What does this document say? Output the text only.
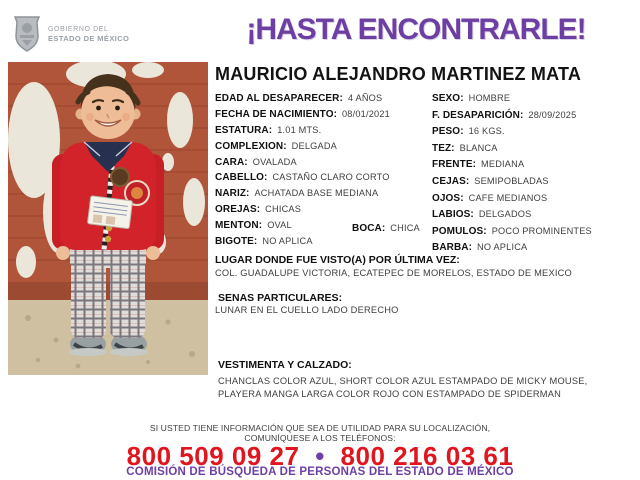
GOBIERNO DEL
ESTADO DE MÉXICO	¡HASTA ENCONTRARLE!
MAURICIO ALEJANDRO MARTINEZ MATA
EDAD AL DESAPARECER: 4 AÑOS
FECHA DE NACIMIENTO: 08/01/2021
ESTATURA: 1.01 MTS.
COMPLEXION: DELGADA
CARA: OVALADA
CABELLO: CASTAÑO CLARO CORTO
NARIZ: ACHATADA BASE MEDIANA
OREJAS: CHICAS
MENTON: OVAL
BIGOTE: NO APLICA
BOCA: CHICA
SEXO: HOMBRE
F. DESAPARICIÓN: 28/09/2025
PESO: 16 KGS.
TEZ: BLANCA
FRENTE: MEDIANA
CEJAS: SEMIPOBLADAS
OJOS: CAFE MEDIANOS
LABIOS: DELGADOS
POMULOS: POCO PROMINENTES
BARBA: NO APLICA
LUGAR DONDE FUE VISTO(A) POR ÚLTIMA VEZ:
COL. GUADALUPE VICTORIA, ECATEPEC DE MORELOS, ESTADO DE MEXICO
SENAS PARTICULARES:
LUNAR EN EL CUELLO LADO DERECHO
VESTIMENTA Y CALZADO:
CHANCLAS COLOR AZUL, SHORT COLOR AZUL ESTAMPADO DE MICKY MOUSE,
PLAYERA MANGA LARGA COLOR ROJO CON ESTAMPADO DE SPIDERMAN
SI USTED TIENE INFORMACIÓN QUE SEA DE UTILIDAD PARA SU LOCALIZACIÓN,
COMUNÍQUESE A LOS TELÉFONOS:
800 509 09 27 • 800 216 03 61
COMISIÓN DE BÚSQUEDA DE PERSONAS DEL ESTADO DE MÉXICO
